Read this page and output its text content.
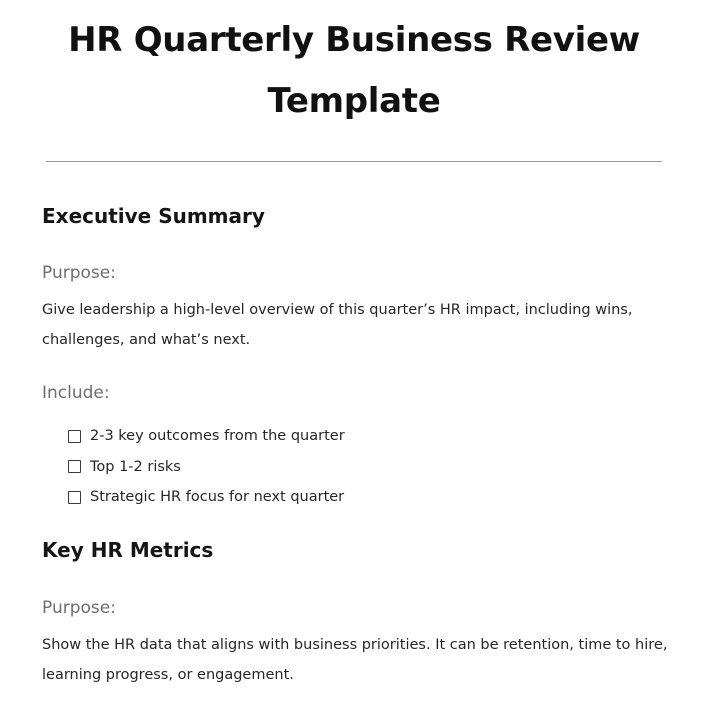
HR Quarterly Business Review
Template
Executive Summary

Purpose:

Give leadership a high-level overview of this quarter’s HR impact, including wins, challenges, and what’s next.

Include:

2-3 key outcomes from the quarter
Top 1-2 risks
Strategic HR focus for next quarter
Key HR Metrics

Purpose:

Show the HR data that aligns with business priorities. It can be retention, time to hire, learning progress, or engagement.
